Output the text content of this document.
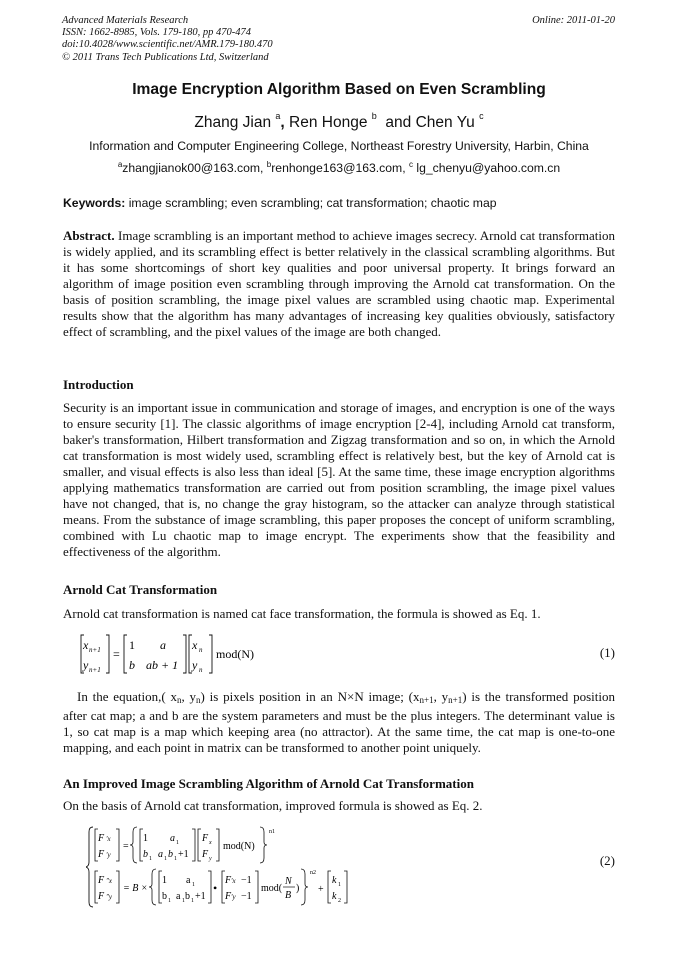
Advanced Materials Research
ISSN: 1662-8985, Vols. 179-180, pp 470-474
doi:10.4028/www.scientific.net/AMR.179-180.470
© 2011 Trans Tech Publications Ltd, Switzerland
Online: 2011-01-20
Image Encryption Algorithm Based on Even Scrambling
Zhang Jian $^a$, Ren Honge $^b$ and Chen Yu $^c$
Information and Computer Engineering College, Northeast Forestry University, Harbin, China
$^a$zhangjianok00@163.com, $^b$renhonge163@163.com, $^c$ lg_chenyu@yahoo.com.cn
Keywords: image scrambling; even scrambling; cat transformation; chaotic map

Abstract. Image scrambling is an important method to achieve images secrecy. Arnold cat transformation is widely applied, and its scrambling effect is better relatively in the classical scrambling algorithms. But it has some shortcomings of short key qualities and poor universal property. It brings forward an algorithm of image position even scrambling through improving the Arnold cat transformation. On the basis of position scrambling, the image pixel values are scrambled using chaotic map. Experimental results show that the algorithm has many advantages of increasing key qualities obviously, satisfactory effect of scrambling, and the pixel values of the image are both changed.

Introduction

Security is an important issue in communication and storage of images, and encryption is one of the ways to ensure security [1]. The classic algorithms of image encryption [2-4], including Arnold cat transform, baker's transformation, Hilbert transformation and Zigzag transformation and so on, in which the Arnold cat transformation is most widely used, scrambling effect is relatively best, but the key of Arnold cat is smaller, and visual effects is also less than ideal [5]. At the same time, these image encryption algorithms applying mathematics transformation are carried out from position scrambling, the image pixel values have not changed, that is, no change the gray histogram, so the attacker can analyze through statistical means. From the substance of image scrambling, this paper proposes the concept of uniform scrambling, combined with Lu chaotic map to image encrypt. The experiments show that the feasibility and effectiveness of the algorithm.

Arnold Cat Transformation

Arnold cat transformation is named cat face transformation, the formula is showed as Eq. 1.

x n+1
y n+1
=
1 a
b ab + 1
x n
y n
mod(N)	(1)

In the equation,( $x_n$, $y_n$) is pixels position in an N×N image; ($x_{n+1}$, $y_{n+1}$) is the transformed position after cat map; a and b are the system parameters and must be the plus integers. The determinant value is 1, so cat map is a map which keeping area (no attractor). At the same time, the cat map is one-to-one mapping, and each point in matrix can be transformed to another point uniquely.

An Improved Image Scrambling Algorithm of Arnold Cat Transformation

On the basis of Arnold cat transformation, improved formula is showed as Eq. 2.

F ′x
F ′y
=
1 a 1
b 1 a 1 b 1 +1
F x
F y
mod(N)
n1
F ″x
F ″y
= B ×
1 a 1
b 1 a 1 b 1 +1
•
F ′x −1
F ′y −1
mod(
N
B
)
n2
+
k 1
k 2
(2)
